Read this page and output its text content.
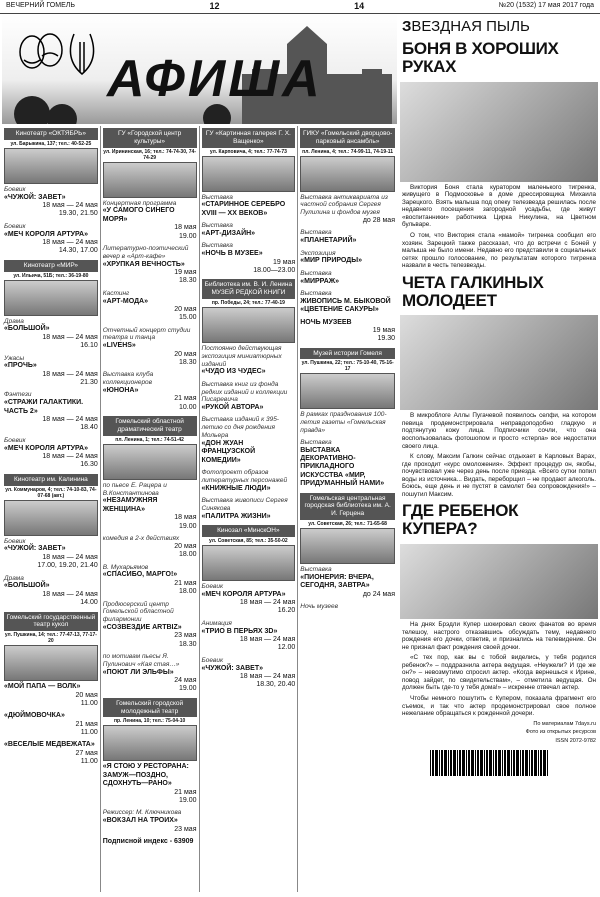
ВЕЧЕРНИЙ ГОМЕЛЬ	12	14	№20 (1532) 17 мая 2017 года
АФИША
Кинотеатр «ОКТЯБРЬ»
ул. Барыкина, 137; тел.: 40-52-25
Боевик
«ЧУЖОЙ: ЗАВЕТ»
18 мая — 24 мая
19.30, 21.50
Боевик
«МЕЧ КОРОЛЯ АРТУРА»
18 мая — 24 мая
14.30, 17.00
Кинотеатр «МИР»
ул. Ильича, 51Б; тел.: 36-19-80
Драма
«БОЛЬШОЙ»
18 мая — 24 мая
16.10
Ужасы
«ПРОЧЬ»
18 мая — 24 мая
21.30
Фэнтези
«СТРАЖИ ГАЛАКТИКИ. ЧАСТЬ 2»
18 мая — 24 мая
18.40
Боевик
«МЕЧ КОРОЛЯ АРТУРА»
18 мая — 24 мая
16.30
Кинотеатр им. Калинина
ул. Коммунаров, 4; тел.: 74-10-83, 74-07-68 (авт.)
Боевик
«ЧУЖОЙ: ЗАВЕТ»
18 мая — 24 мая
17.00, 19.20, 21.40
Драма
«БОЛЬШОЙ»
18 мая — 24 мая
14.00
Гомельский государственный театр кукол
ул. Пушкина, 14; тел.: 77-47-13, 77-17-20
«МОЙ ПАПА — ВОЛК»
20 мая
11.00
«ДЮЙМОВОЧКА»
21 мая
11.00
«ВЕСЕЛЫЕ МЕДВЕЖАТА»
27 мая
11.00
ГУ «Городской центр культуры»
ул. Ирининская, 16; тел.: 74-74-30, 74-74-29
Концертная программа
«У САМОГО СИНЕГО МОРЯ»
18 мая
19.00
Литературно-поэтический вечер в «Арт-кафе»
«ХРУПКАЯ ВЕЧНОСТЬ»
19 мая
18.30
Кастинг
«АРТ-МОДА»
20 мая
15.00
Отчетный концерт студии театра и танца
«LIVEHS»
20 мая
18.30
Выставка клуба коллекционеров
«ЮНОНА»
21 мая
10.00
Гомельский областной драматический театр
пл. Ленина, 1; тел.: 74-51-42
по пьесе Е. Рацера и В.Константинова
«НЕЗАМУЖНЯЯ ЖЕНЩИНА»
18 мая
19.00
комедия в 2-х действиях
20 мая
18.00
В. Мухарьямов
«СПАСИБО, МАРГО!»
21 мая
18.00
Продюсерский центр Гомельской областной филармонии
«СОЗВЕЗДИЕ ARTBIZ»
23 мая
18.30
по мотивам пьесы Я. Пулинович «Кая стая…»
«ПОЮТ ЛИ ЭЛЬФЫ»
24 мая
19.00
Гомельский городской молодежный театр
пр. Ленина, 10; тел.: 75-04-10
«Я СТОЮ У РЕСТОРАНА: ЗАМУЖ—ПОЗДНО, СДОХНУТЬ—РАНО»
21 мая
19.00
Режиссер: М. Ключникова
«ВОКЗАЛ НА ТРОИХ»
23 мая
Подписной индекс - 63909
ГУ «Картинная галерея Г. Х. Ващенко»
ул. Карповича, 4; тел.: 77-74-73
Выставка
«СТАРИННОЕ СЕРЕБРО XVIII — XX ВЕКОВ»
Выставка
«АРТ-ДИЗАЙН»
Выставка
«НОЧЬ В МУЗЕЕ»
19 мая
18.00—23.00
Библиотека им. В. И. Ленина МУЗЕЙ РЕДКОЙ КНИГИ
пр. Победы, 24; тел.: 77-40-19
Постоянно действующая экспозиция миниатюрных изданий
«ЧУДО ИЗ ЧУДЕС»
Выставка книг из фонда редких изданий и коллекции Писаревича
«РУКОЙ АВТОРА»
Выставка изданий к 395-летию со дня рождения Мольера
«ДОН ЖУАН ФРАНЦУЗСКОЙ КОМЕДИИ»
Фотопроект образов литературных персонажей
«КНИЖНЫЕ ЛЮДИ»
Выставка живописи Сергея Синякова
«ПАЛИТРА ЖИЗНИ»
Кинозал «МинскOН»
ул. Советская, 85; тел.: 35-50-02
Боевик
«МЕЧ КОРОЛЯ АРТУРА»
18 мая — 24 мая
16.20
Анимация
«ТРИО В ПЕРЬЯХ 3D»
18 мая — 24 мая
12.00
Боевик
«ЧУЖОЙ: ЗАВЕТ»
18 мая — 24 мая
18.30, 20.40
ГИКУ «Гомельский дворцово-парковый ансамбль»
пл. Ленина, 4; тел.: 74-99-11, 74-19-11
Выставка антиквариата из частной собрания Сергея Пулилина и фондов музея
до 28 мая
Выставка
«ПЛАНЕТАРИЙ»
Экспозиция
«МИР ПРИРОДЫ»
Выставка
«МИРРАЖ»
Выставка
ЖИВОПИСЬ М. БЫКОВОЙ «ЦВЕТЕНИЕ САКУРЫ»
НОЧЬ МУЗЕЕВ
19 мая
19.30
Музей истории Гомеля
ул. Пушкина, 22; тел.: 75-10-40, 75-16-17
В рамках празднования 100-летия газеты «Гомельская правда»
Выставка
ВЫСТАВКА ДЕКОРАТИВНО-ПРИКЛАДНОГО ИСКУССТВА «МИР, ПРИДУМАННЫЙ НАМИ»
Гомельская центральная городская библиотека им. А. И. Герцена
ул. Советская, 26; тел.: 71-65-68
Выставка
«ПИОНЕРИЯ: ВЧЕРА, СЕГОДНЯ, ЗАВТРА»
до 24 мая
Ночь музеев
ЗВЕЗДНАЯ ПЫЛЬ
БОНЯ В ХОРОШИХ РУКАХ

Виктория Боня стала куратором маленького тигренка, живущего в Подмосковье в доме дрессировщика Михаила Зарецкого. Взять малыша под опеку телезвезда решилась после недавнего посещения загородной усадьбы, где живут «воспитанники» работника Цирка Никулина, на Цветном бульваре.

О том, что Виктория стала «мамой» тигренка сообщил его хозяин. Зарецкий также рассказал, что до встречи с Боней у малыша не было имени. Недавно его представили в социальных сетях прошло голосование, по результатам которого тигренка назвали в честь телезвезды.

ЧЕТА ГАЛКИНЫХ МОЛОДЕЕТ

В микроблоге Аллы Пугачевой появилось селфи, на котором певица продемонстрировала неправдоподобно гладкую и подтянутую кожу лица. Подписчики сочли, что она воспользовалась фотошопом и просто «стерла» все недостатки своего лица.

К слову, Максим Галкин сейчас отдыхает в Карловых Варах, где проходит «курс омоложения». Эффект процедур он, якобы, почувствовал уже через день после приезда. «Всего сутки попил воды из источника... Видать, переборщил – не продают алкоголь. Боюсь, еще день и не пустят в самолет без сопровождения!» – пошутил Максим.

ГДЕ РЕБЕНОК КУПЕРА?

На днях Брэдли Купер шокировал своих фанатов во время телешоу, настрого отказавшись обсуждать тему, недавнего рождения его дочки, ответив, и признались на телевидение. Он не признал факт рождения своей дочки.

«С тех пор, как вы с тобой виделись, у тебя родился ребенок?» – поддразнила актера ведущая. «Неужели? И где же он?» – невозмутимо спросил актер. «Когда вернешься к Ирине, повод зайдет, по свидетельствам», – отметила ведущая. Он должен быть где-то у тебя дома!» – искренне отвечал актер.

Чтобы немного пошутить с Купером, показала фрагмент его съемок, и так что актер продемонстрировал свое полное нежелание обращаться к рожденной дочери.

По материалам 7days.ru
Фото из открытых ресурсов
ISSN 2072-9782
